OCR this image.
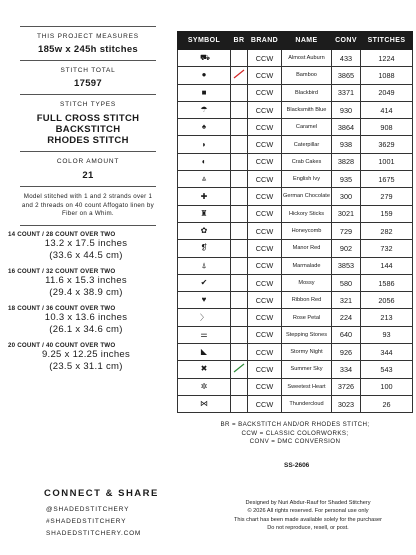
THIS PROJECT MEASURES
185w x 245h stitches
STITCH TOTAL
17597
STITCH TYPES
FULL CROSS STITCH
BACKSTITCH
RHODES STITCH
COLOR AMOUNT
21
Model stitched with 1 and 2 strands over 1 and 2 threads on 40 count Affogato linen by Fiber on a Whim.
14 COUNT / 28 COUNT OVER TWO
13.2 x 17.5 inches
(33.6 x 44.5 cm)
16 COUNT / 32 COUNT OVER TWO
11.6 x 15.3 inches
(29.4 x 38.9 cm)
18 COUNT / 36 COUNT OVER TWO
10.3 x 13.6 inches
(26.1 x 34.6 cm)
20 COUNT / 40 COUNT OVER TWO
9.25 x 12.25 inches
(23.5 x 31.1 cm)
CONNECT & SHARE
@SHADEDSTITCHERY
#SHADEDSTITCHERY
SHADEDSTITCHERY.COM
SYMBOL	BR	BRAND	NAME	CONV	STITCHES
⛟		CCW	Almost Auburn	433	1224
●		CCW	Bamboo	3865	1088
■		CCW	Blackbird	3371	2049
☂		CCW	Blacksmith Blue	930	414
♠		CCW	Caramel	3864	908
◗		CCW	Caterpillar	938	3629
◐		CCW	Crab Cakes	3828	1001
⩓		CCW	English Ivy	935	1675
✚		CCW	German Chocolate	300	279
♜		CCW	Hickory Sticks	3021	159
✿		CCW	Honeycomb	729	282
❡		CCW	Manor Red	902	732
⍋		CCW	Marmalade	3853	144
✔		CCW	Mossy	580	1586
♥		CCW	Ribbon Red	321	2056
〉		CCW	Rose Petal	224	213
⚌		CCW	Stepping Stones	640	93
◣		CCW	Stormy Night	926	344
✖		CCW	Summer Sky	334	543
✲		CCW	Sweetest Heart	3726	100
⋈		CCW	Thundercloud	3023	26
BR = BACKSTITCH AND/OR RHODES STITCH;
CCW = CLASSIC COLORWORKS;
CONV = DMC CONVERSION
SS-2606
Designed by Nuri Abdur-Rauf for Shaded Stitchery
© 2026 All rights reserved. For personal use only
This chart has been made available solely for the purchaser
Do not reproduce, resell, or post.
